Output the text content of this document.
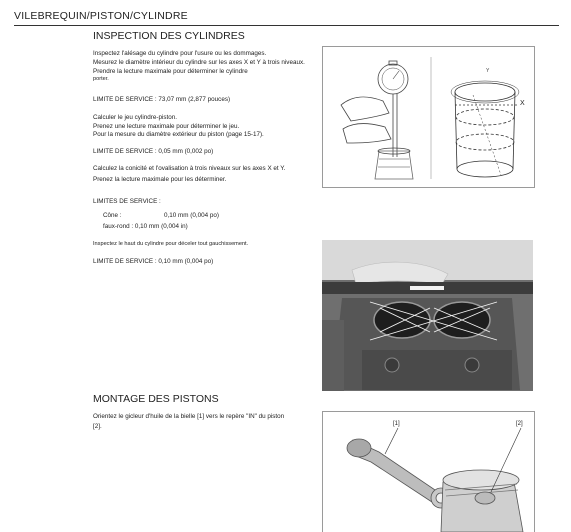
VILEBREQUIN/PISTON/CYLINDRE
INSPECTION DES CYLINDRES
Inspectez l'alésage du cylindre pour l'usure ou les dommages.
Mesurez le diamètre intérieur du cylindre sur les axes X et Y à trois niveaux.
Prendre la lecture maximale pour déterminer le cylindre
porter.
LIMITE DE SERVICE : 73,07 mm (2,877 pouces)
Calculer le jeu cylindre-piston.
Prenez une lecture maximale pour déterminer le jeu.
Pour la mesure du diamètre extérieur du piston (page 15-17).
LIMITE DE SERVICE : 0,05 mm (0,002 po)
Calculez la conicité et l'ovalisation à trois niveaux sur les axes X et Y.
Prenez la lecture maximale pour les déterminer.
LIMITES DE SERVICE :
Cône :	0,10 mm (0,004 po)
faux-rond : 0,10 mm (0,004 in)
Inspectez le haut du cylindre pour déceler tout gauchissement.
LIMITE DE SERVICE : 0,10 mm (0,004 po)
Y
X
MONTAGE DES PISTONS
Orientez le gicleur d'huile de la bielle [1] vers le repère "IN" du piston
[2].	[1]	[2]
